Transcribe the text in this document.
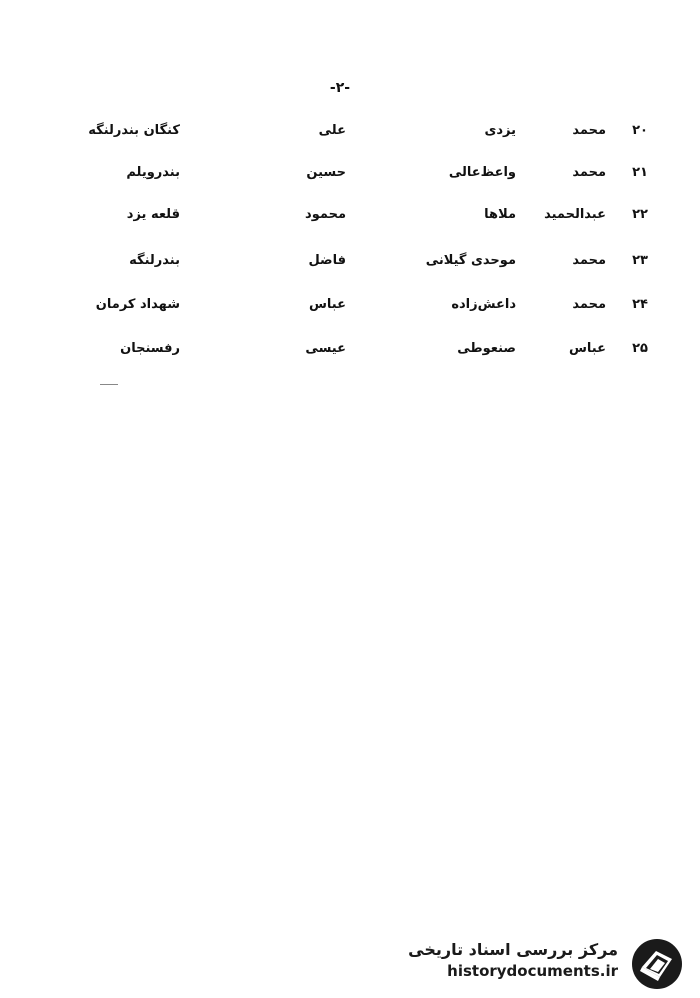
-۲-
۲۰
محمد
یزدی
علی
کنگان بندرلنگه
۲۱
محمد
واعظ‌عالی
حسین
بندرویلم
۲۲
عبدالحمید
ملاها
محمود
قلعه یزد
۲۳
محمد
موحدی گیلانی
فاضل
بندرلنگه
۲۴
محمد
داعش‌زاده
عباس
شهداد کرمان
۲۵
عباس
صنعوطی
عیسی
رفسنجان
مرکز بررسی اسناد تاریخی
historydocuments.ir
